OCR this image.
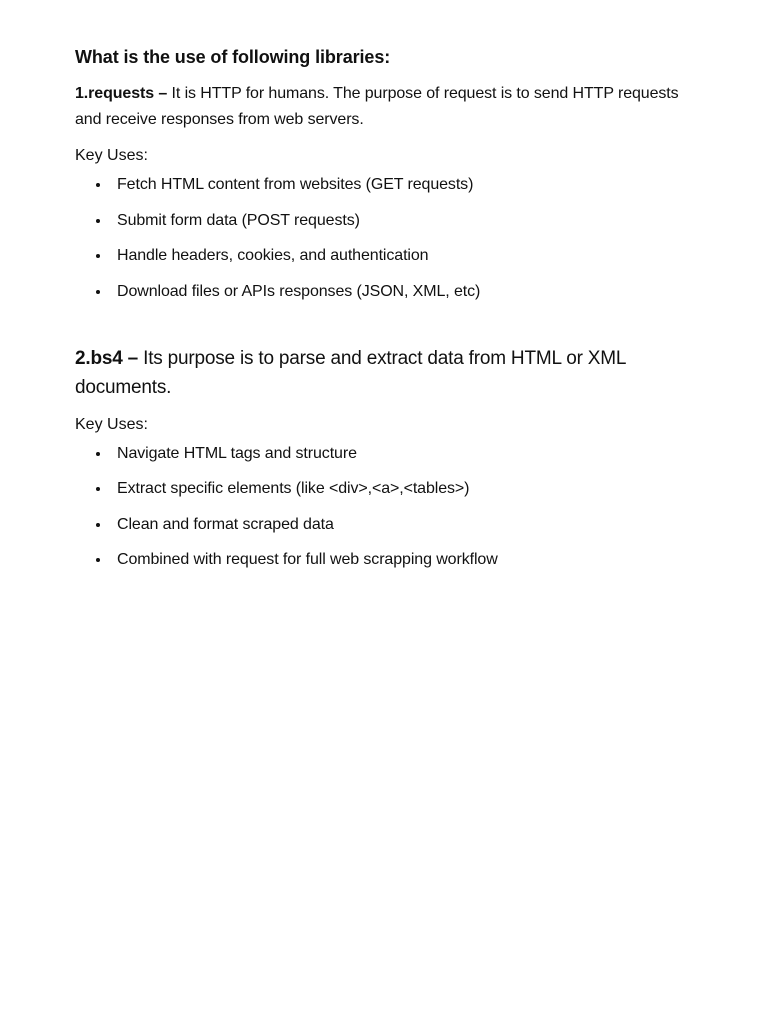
What is the use of following libraries:

1.requests – It is HTTP for humans. The purpose of request is to send HTTP requests and receive responses from web servers.

Key Uses:

Fetch HTML content from websites (GET requests)
Submit form data (POST requests)
Handle headers, cookies, and authentication
Download files or APIs responses (JSON, XML, etc)

2.bs4 – Its purpose is to parse and extract data from HTML or XML documents.

Key Uses:

Navigate HTML tags and structure
Extract specific elements (like <div>,<a>,<tables>)
Clean and format scraped data
Combined with request for full web scrapping workflow
